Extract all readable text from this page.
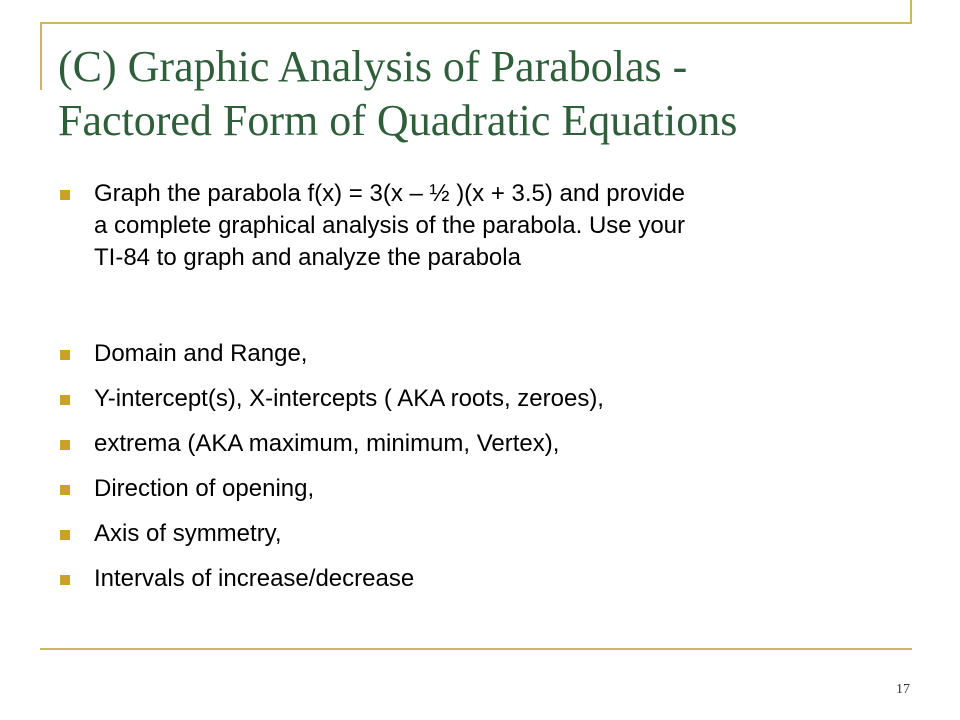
(C) Graphic Analysis of Parabolas -
Factored Form of Quadratic Equations
Graph the parabola f(x) = 3(x – ½ )(x + 3.5) and provide
a complete graphical analysis of the parabola. Use your
TI-84 to graph and analyze the parabola
Domain and Range,
Y-intercept(s), X-intercepts ( AKA roots, zeroes),
extrema (AKA maximum, minimum, Vertex),
Direction of opening,
Axis of symmetry,
Intervals of increase/decrease
17
